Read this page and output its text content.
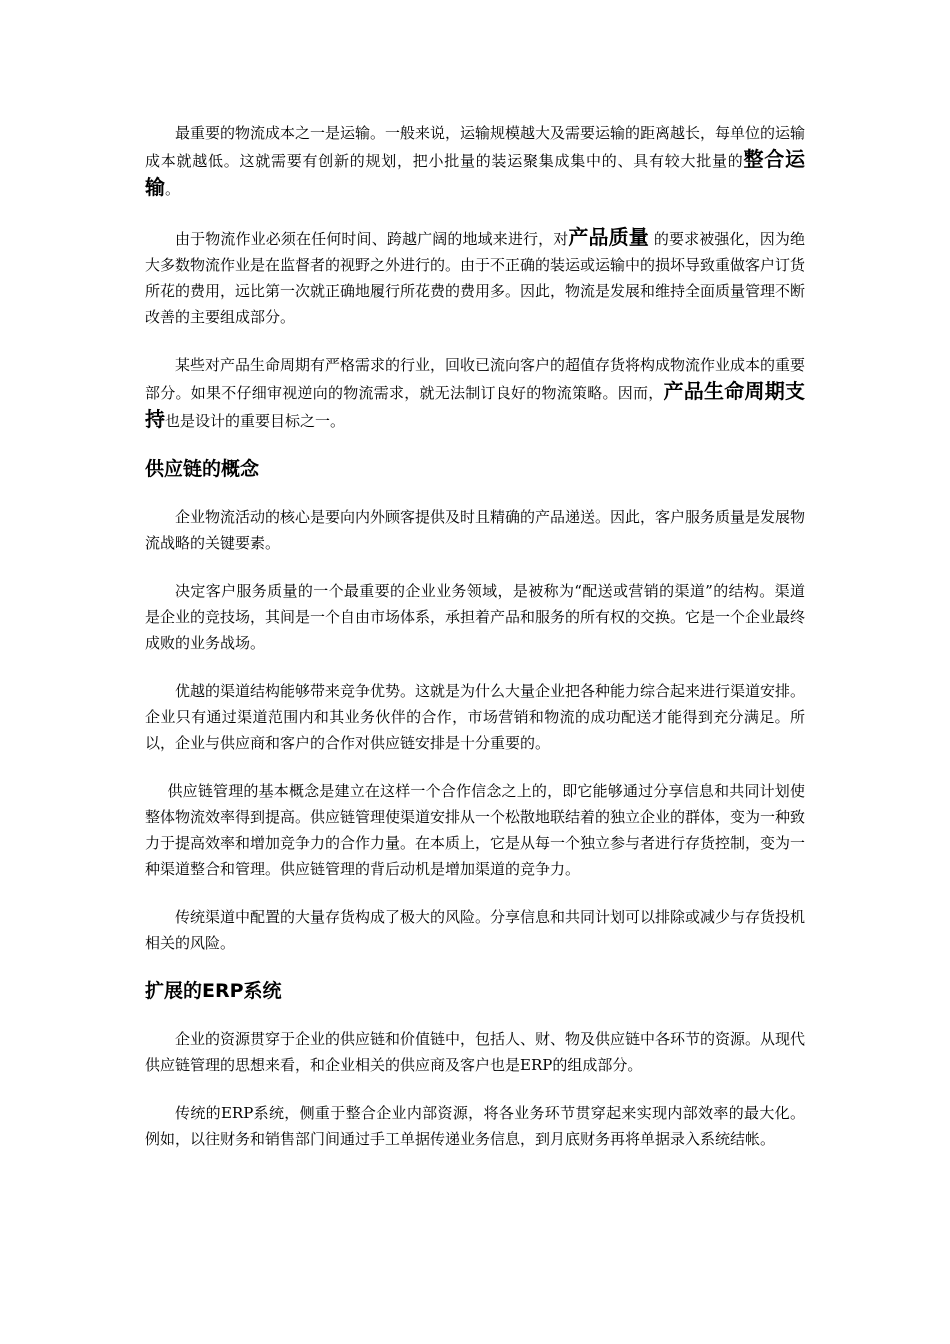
最重要的物流成本之一是运输。一般来说，运输规模越大及需要运输的距离越长，每单位的运输成本就越低。这就需要有创新的规划，把小批量的装运聚集成集中的、具有较大批量的整合运输。

由于物流作业必须在任何时间、跨越广阔的地域来进行，对产品质量 的要求被强化，因为绝大多数物流作业是在监督者的视野之外进行的。由于不正确的装运或运输中的损坏导致重做客户订货所花的费用，远比第一次就正确地履行所花费的费用多。因此，物流是发展和维持全面质量管理不断改善的主要组成部分。

某些对产品生命周期有严格需求的行业，回收已流向客户的超值存货将构成物流作业成本的重要部分。如果不仔细审视逆向的物流需求，就无法制订良好的物流策略。因而，产品生命周期支持也是设计的重要目标之一。

供应链的概念

企业物流活动的核心是要向内外顾客提供及时且精确的产品递送。因此，客户服务质量是发展物流战略的关键要素。

决定客户服务质量的一个最重要的企业业务领域，是被称为“配送或营销的渠道”的结构。渠道是企业的竞技场，其间是一个自由市场体系，承担着产品和服务的所有权的交换。它是一个企业最终成败的业务战场。

优越的渠道结构能够带来竞争优势。这就是为什么大量企业把各种能力综合起来进行渠道安排。企业只有通过渠道范围内和其业务伙伴的合作，市场营销和物流的成功配送才能得到充分满足。所以，企业与供应商和客户的合作对供应链安排是十分重要的。

供应链管理的基本概念是建立在这样一个合作信念之上的，即它能够通过分享信息和共同计划使整体物流效率得到提高。供应链管理使渠道安排从一个松散地联结着的独立企业的群体，变为一种致力于提高效率和增加竞争力的合作力量。在本质上，它是从每一个独立参与者进行存货控制，变为一种渠道整合和管理。供应链管理的背后动机是增加渠道的竞争力。

传统渠道中配置的大量存货构成了极大的风险。分享信息和共同计划可以排除或减少与存货投机相关的风险。

扩展的ERP系统

企业的资源贯穿于企业的供应链和价值链中，包括人、财、物及供应链中各环节的资源。从现代供应链管理的思想来看，和企业相关的供应商及客户也是ERP的组成部分。

传统的ERP系统，侧重于整合企业内部资源，将各业务环节贯穿起来实现内部效率的最大化。例如，以往财务和销售部门间通过手工单据传递业务信息，到月底财务再将单据录入系统结帐。
